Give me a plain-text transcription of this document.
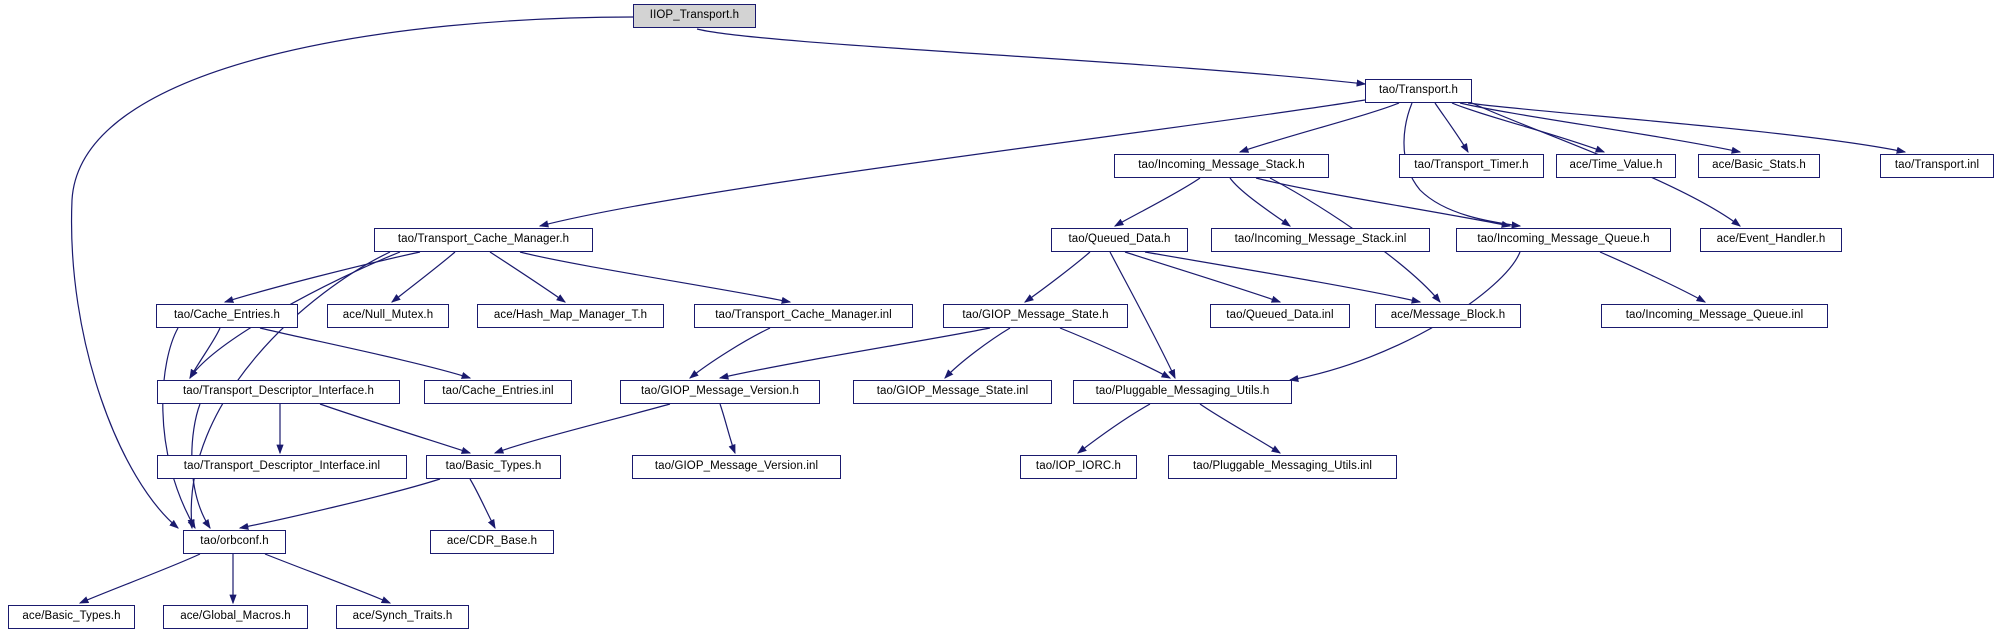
IIOP_Transport.h
tao/Transport.h
tao/Incoming_Message_Stack.h	tao/Transport_Timer.h	ace/Time_Value.h	ace/Basic_Stats.h	tao/Transport.inl
tao/Transport_Cache_Manager.h	tao/Queued_Data.h	tao/Incoming_Message_Stack.inl	tao/Incoming_Message_Queue.h	ace/Event_Handler.h
tao/Cache_Entries.h	ace/Null_Mutex.h	ace/Hash_Map_Manager_T.h	tao/Transport_Cache_Manager.inl	tao/GIOP_Message_State.h	tao/Queued_Data.inl	ace/Message_Block.h	tao/Incoming_Message_Queue.inl
tao/Transport_Descriptor_Interface.h	tao/Cache_Entries.inl	tao/GIOP_Message_Version.h	tao/GIOP_Message_State.inl	tao/Pluggable_Messaging_Utils.h
tao/Transport_Descriptor_Interface.inl	tao/Basic_Types.h	tao/GIOP_Message_Version.inl	tao/IOP_IORC.h	tao/Pluggable_Messaging_Utils.inl
tao/orbconf.h	ace/CDR_Base.h
ace/Basic_Types.h	ace/Global_Macros.h	ace/Synch_Traits.h
